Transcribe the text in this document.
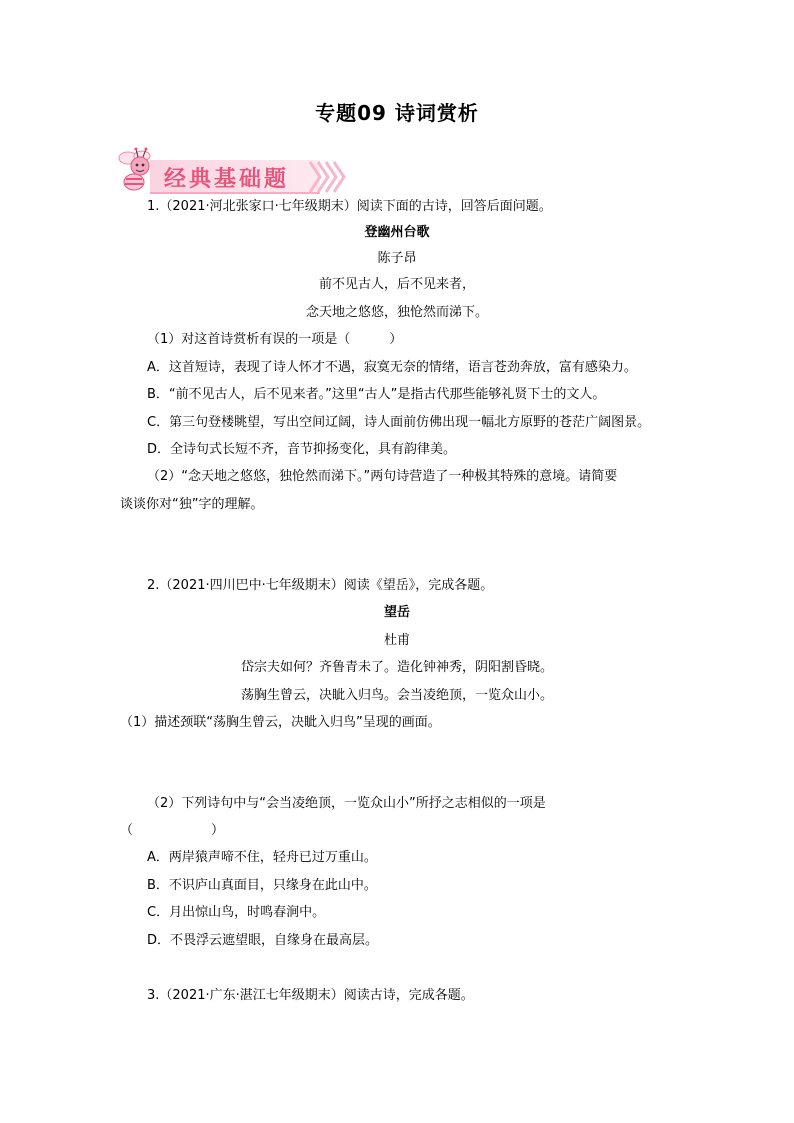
专题09 诗词赏析
经典基础题
1.（2021·河北张家口·七年级期末）阅读下面的古诗，回答后面问题。
登幽州台歌
陈子昂
前不见古人，后不见来者，
念天地之悠悠，独怆然而涕下。
（1）对这首诗赏析有误的一项是（　　　）
A．这首短诗，表现了诗人怀才不遇，寂寞无奈的情绪，语言苍劲奔放，富有感染力。
B．“前不见古人，后不见来者。”这里“古人”是指古代那些能够礼贤下士的文人。
C．第三句登楼眺望，写出空间辽阔，诗人面前仿佛出现一幅北方原野的苍茫广阔图景。
D．全诗句式长短不齐，音节抑扬变化，具有韵律美。
（2）“念天地之悠悠，独怆然而涕下。”两句诗营造了一种极其特殊的意境。请简要
谈谈你对“独”字的理解。
2.（2021·四川巴中·七年级期末）阅读《望岳》，完成各题。
望岳
杜甫
岱宗夫如何？齐鲁青未了。造化钟神秀，阴阳割昏晓。
荡胸生曾云，决眦入归鸟。会当凌绝顶，一览众山小。
（1）描述颈联“荡胸生曾云，决眦入归鸟”呈现的画面。
（2）下列诗句中与“会当凌绝顶，一览众山小”所抒之志相似的一项是
（　　　　　　）
A．两岸猿声啼不住，轻舟已过万重山。
B．不识庐山真面目，只缘身在此山中。
C．月出惊山鸟，时鸣春涧中。
D．不畏浮云遮望眼，自缘身在最高层。
3.（2021·广东·湛江七年级期末）阅读古诗，完成各题。
